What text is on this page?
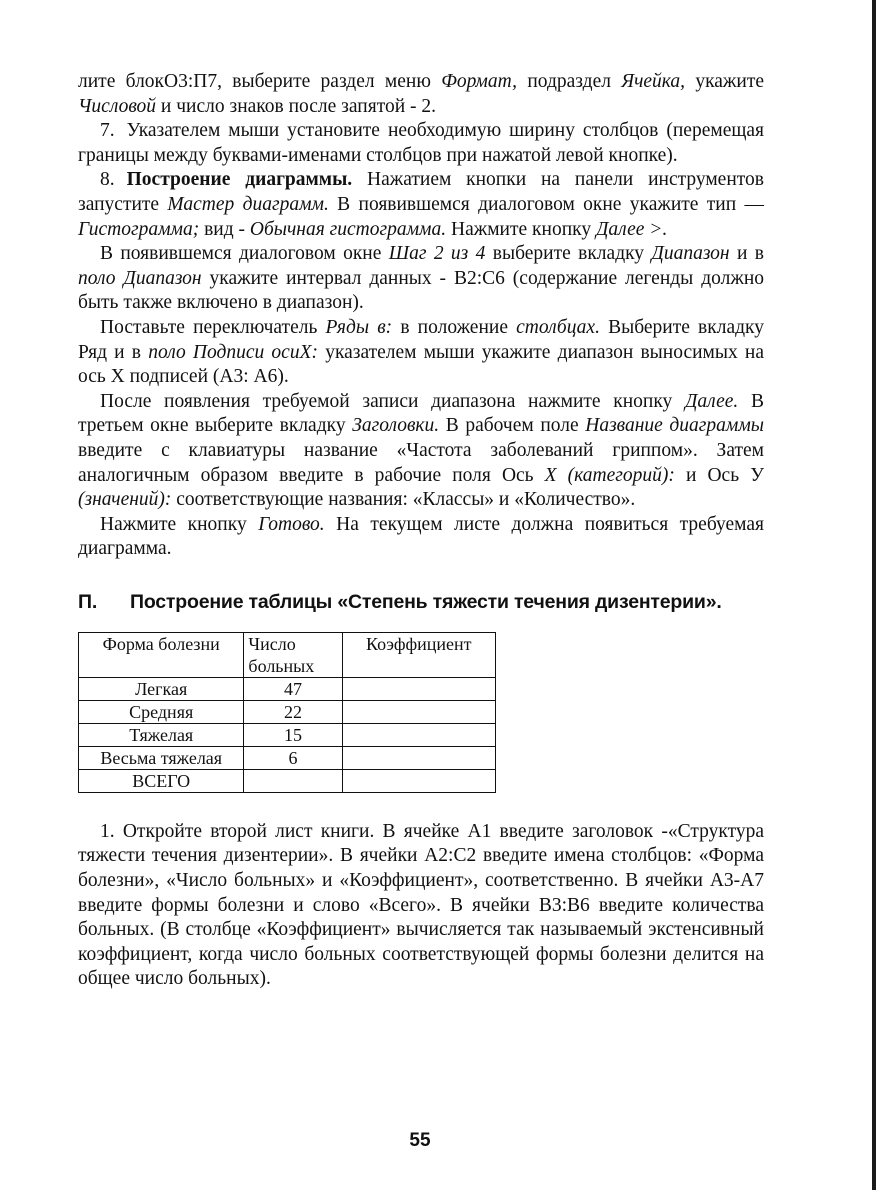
лите блокО3:П7, выберите раздел меню Формат, подраздел Ячейка, укажите Числовой и число знаков после запятой - 2.

7. Указателем мыши установите необходимую ширину столбцов (перемещая границы между буквами-именами столбцов при нажатой левой кнопке).

8. Построение диаграммы. Нажатием кнопки на панели инструментов запустите Мастер диаграмм. В появившемся диалоговом окне укажите тип — Гистограмма; вид - Обычная гистограмма. Нажмите кнопку Далее >.

В появившемся диалоговом окне Шаг 2 из 4 выберите вкладку Диапазон и в поло Диапазон укажите интервал данных - В2:С6 (содержание легенды должно быть также включено в диапазон).

Поставьте переключатель Ряды в: в положение столбцах. Выберите вкладку Ряд и в поло Подписи осиХ: указателем мыши укажите диапазон выносимых на ось X подписей (А3: А6).

После появления требуемой записи диапазона нажмите кнопку Далее. В третьем окне выберите вкладку Заголовки. В рабочем поле Название диаграммы введите с клавиатуры название «Частота заболеваний гриппом». Затем аналогичным образом введите в рабочие поля Ось X (категорий): и Ось У (значений): соответствующие названия: «Классы» и «Количество».

Нажмите кнопку Готово. На текущем листе должна появиться требуемая диаграмма.

П. Построение таблицы «Степень тяжести течения дизентерии».
Форма болезни	Число больных	Коэффициент
Легкая	47	
Средняя	22	
Тяжелая	15	
Весьма тяжелая	6	
ВСЕГО		

1. Откройте второй лист книги. В ячейке А1 введите заголовок -«Структура тяжести течения дизентерии». В ячейки А2:С2 введите имена столбцов: «Форма болезни», «Число больных» и «Коэффициент», соответственно. В ячейки А3-А7 введите формы болезни и слово «Всего». В ячейки В3:В6 введите количества больных. (В столбце «Коэффициент» вычисляется так называемый экстенсивный коэффициент, когда число больных соответствующей формы болезни делится на общее число больных).

55
